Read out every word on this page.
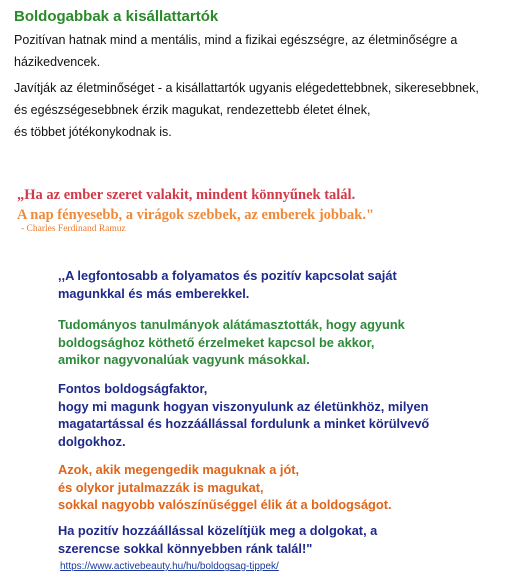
Boldogabbak a kisállattartók
Pozitívan hatnak mind a mentális, mind a fizikai egészségre, az életminőségre a
házikedvencek.
Javítják az életminőséget - a kisállattartók ugyanis elégedettebbnek, sikeresebbnek,
és egészségesebbnek érzik magukat, rendezettebb életet élnek,
és többet jótékonykodnak is.
„Ha az ember szeret valakit, mindent könnyűnek talál.
A nap fényesebb, a virágok szebbek, az emberek jobbak."
- Charles Ferdinand Ramuz
,,A legfontosabb a folyamatos és pozitív kapcsolat saját
magunkkal és más emberekkel.
Tudományos tanulmányok alátámasztották, hogy agyunk
boldogsághoz köthető érzelmeket kapcsol be akkor,
amikor nagyvonalúak vagyunk másokkal.
Fontos boldogságfaktor,
hogy mi magunk hogyan viszonyulunk az életünkhöz, milyen
magatartással és hozzáállással fordulunk a minket körülvevő
dolgokhoz.
Azok, akik megengedik maguknak a jót,
és olykor jutalmazzák is magukat,
sokkal nagyobb valószínűséggel élik át a boldogságot.
Ha pozitív hozzáállással közelítjük meg a dolgokat, a
szerencse sokkal könnyebben ránk talál!"
https://www.activebeauty.hu/hu/boldogsag-tippek/
